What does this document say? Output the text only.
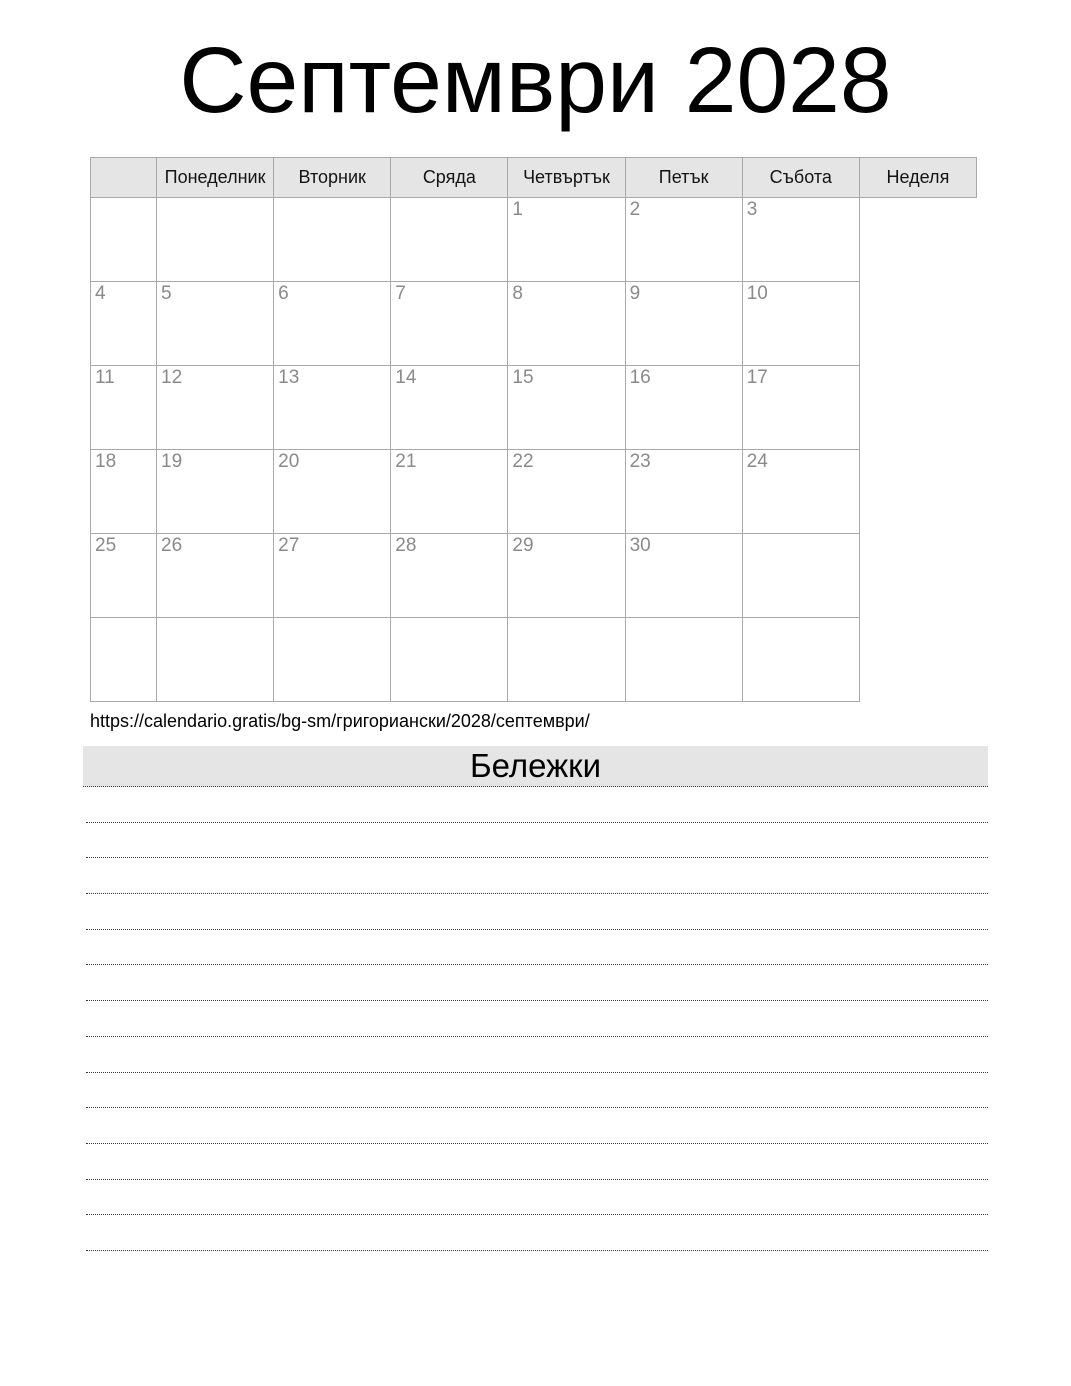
Септември 2028
	Понеделник	Вторник	Сряда	Четвъртък	Петък	Събота	Неделя
				1	2	3	
4	5	6	7	8	9	10	
11	12	13	14	15	16	17	
18	19	20	21	22	23	24	
25	26	27	28	29	30		

https://calendario.gratis/bg-sm/григориански/2028/септември/
Бележки
